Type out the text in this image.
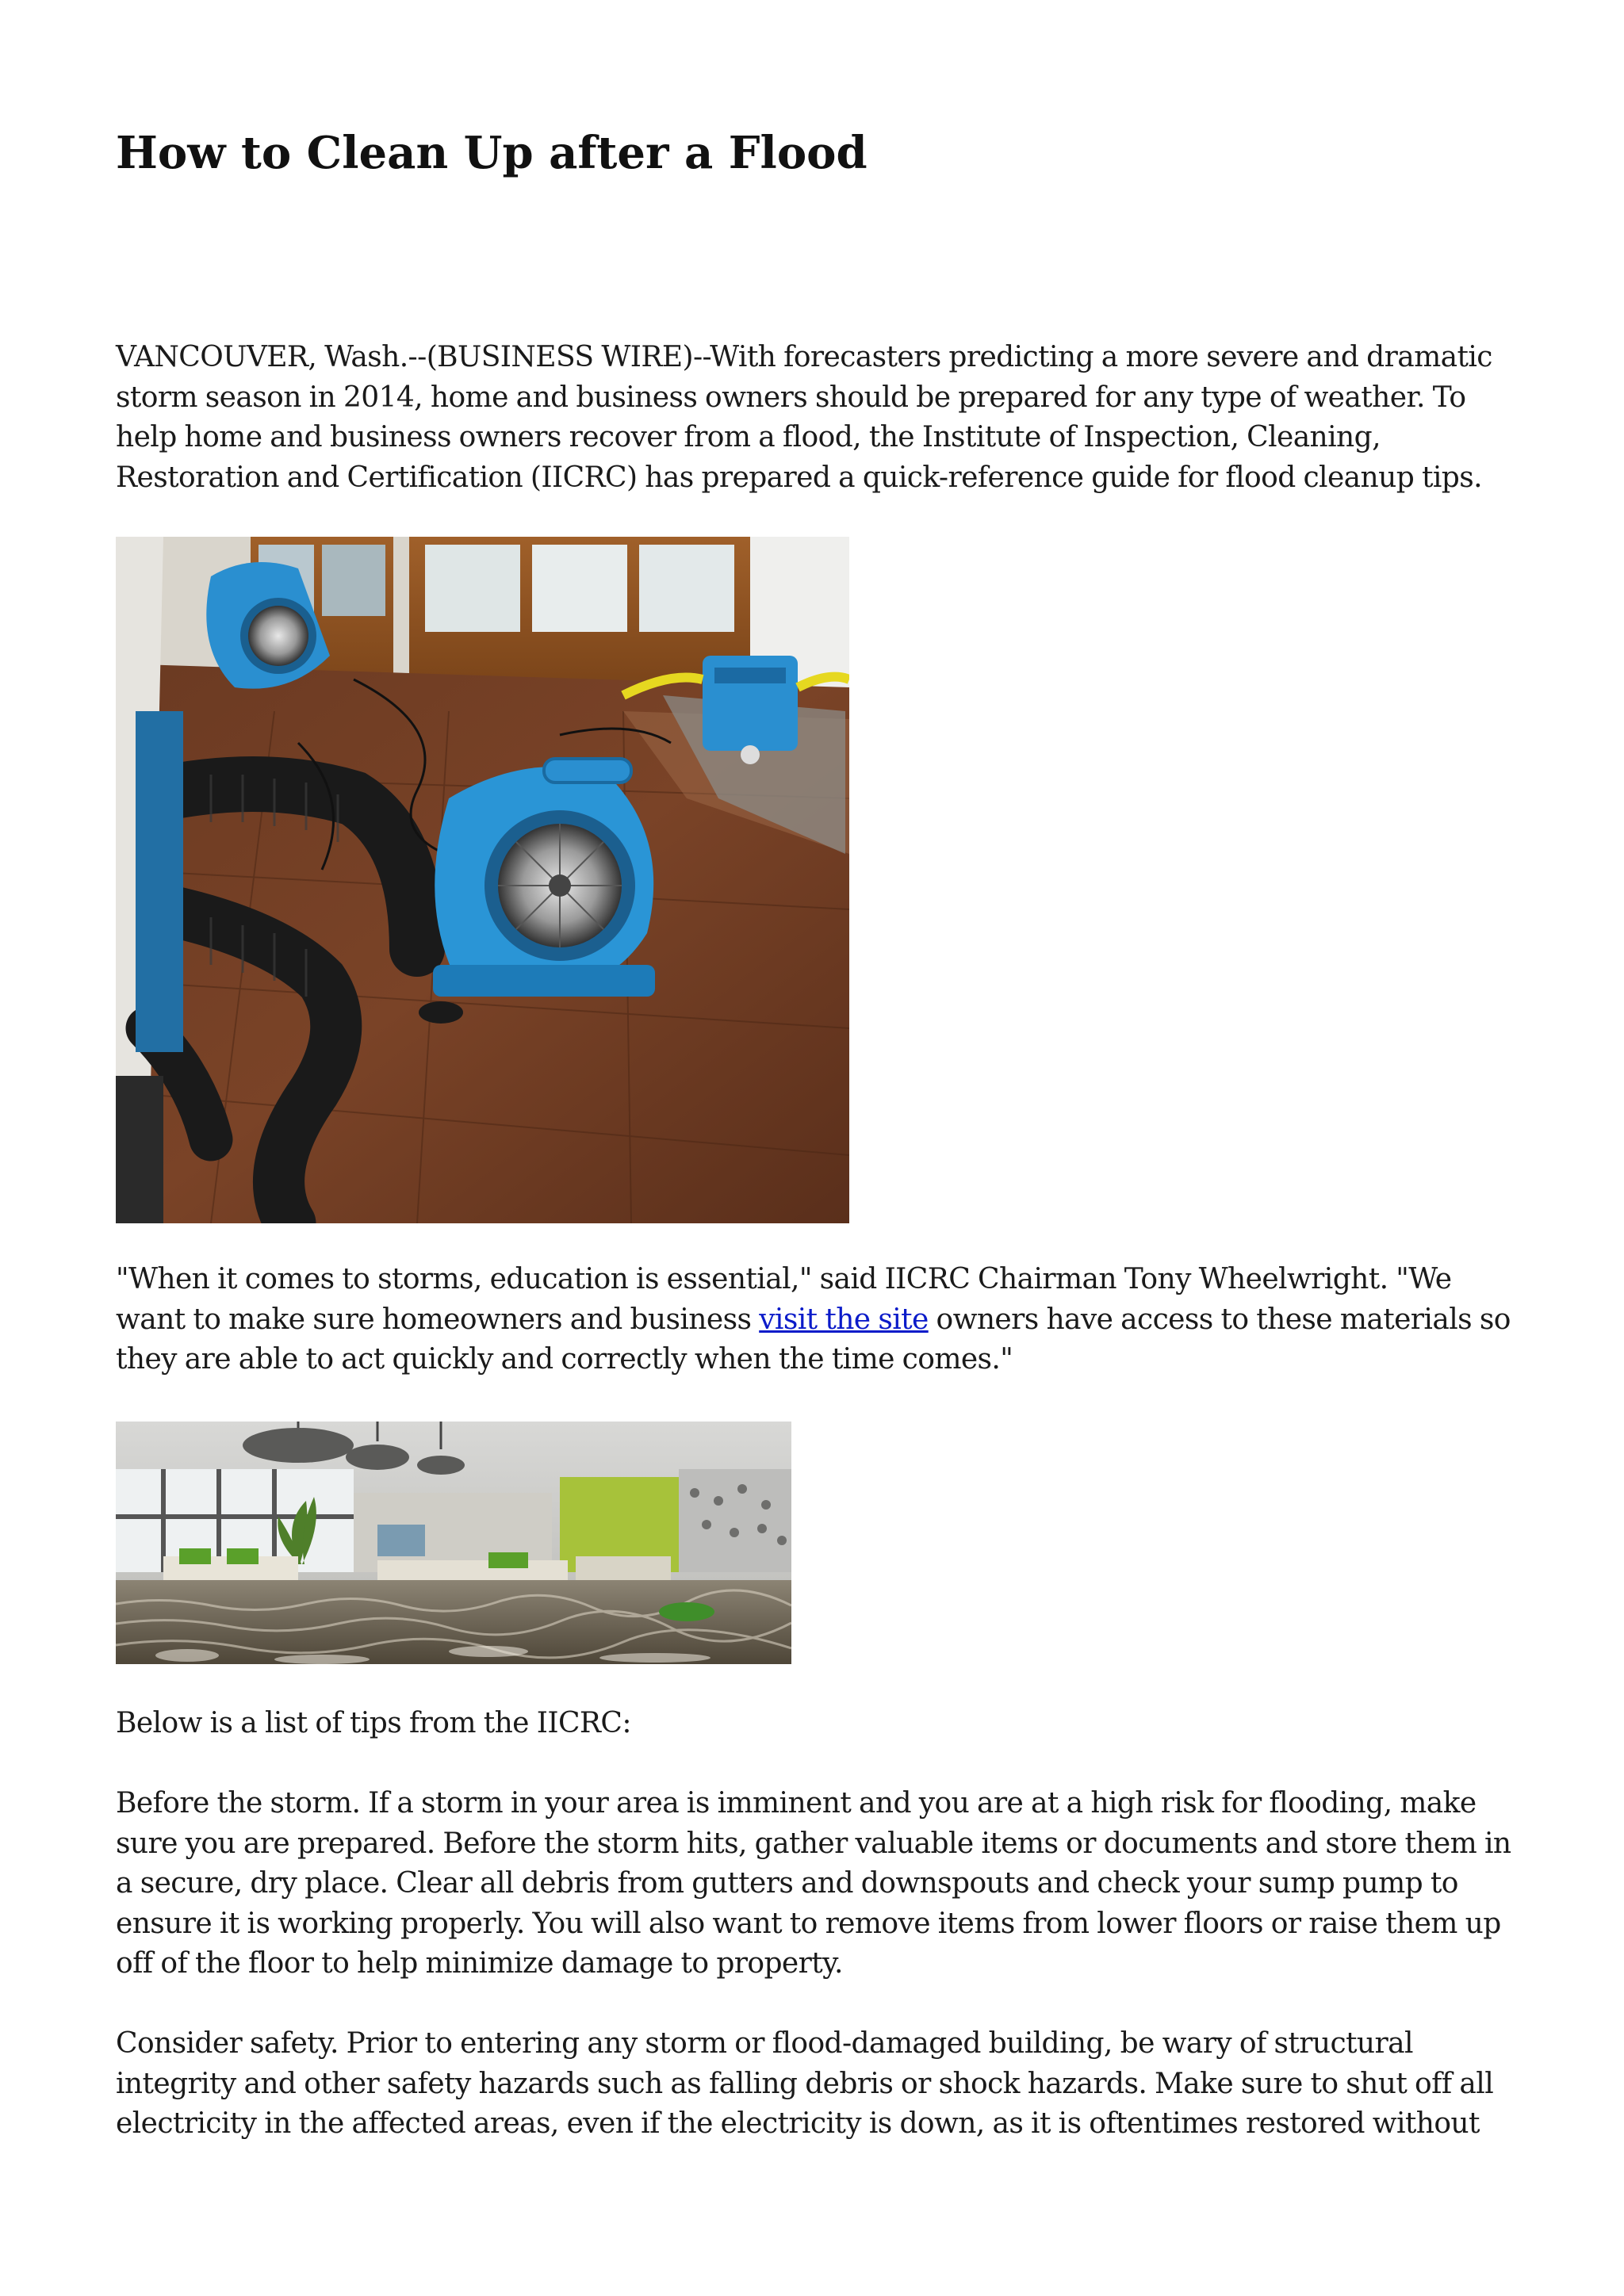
How to Clean Up after a Flood

VANCOUVER, Wash.--(BUSINESS WIRE)--With forecasters predicting a more severe and dramatic storm season in 2014, home and business owners should be prepared for any type of weather. To help home and business owners recover from a flood, the Institute of Inspection, Cleaning, Restoration and Certification (IICRC) has prepared a quick-reference guide for flood cleanup tips.

"When it comes to storms, education is essential," said IICRC Chairman Tony Wheelwright. "We want to make sure homeowners and business visit the site owners have access to these materials so they are able to act quickly and correctly when the time comes."

Below is a list of tips from the IICRC:

Before the storm. If a storm in your area is imminent and you are at a high risk for flooding, make sure you are prepared. Before the storm hits, gather valuable items or documents and store them in a secure, dry place. Clear all debris from gutters and downspouts and check your sump pump to ensure it is working properly. You will also want to remove items from lower floors or raise them up off of the floor to help minimize damage to property.

Consider safety. Prior to entering any storm or flood-damaged building, be wary of structural integrity and other safety hazards such as falling debris or shock hazards. Make sure to shut off all electricity in the affected areas, even if the electricity is down, as it is oftentimes restored without
